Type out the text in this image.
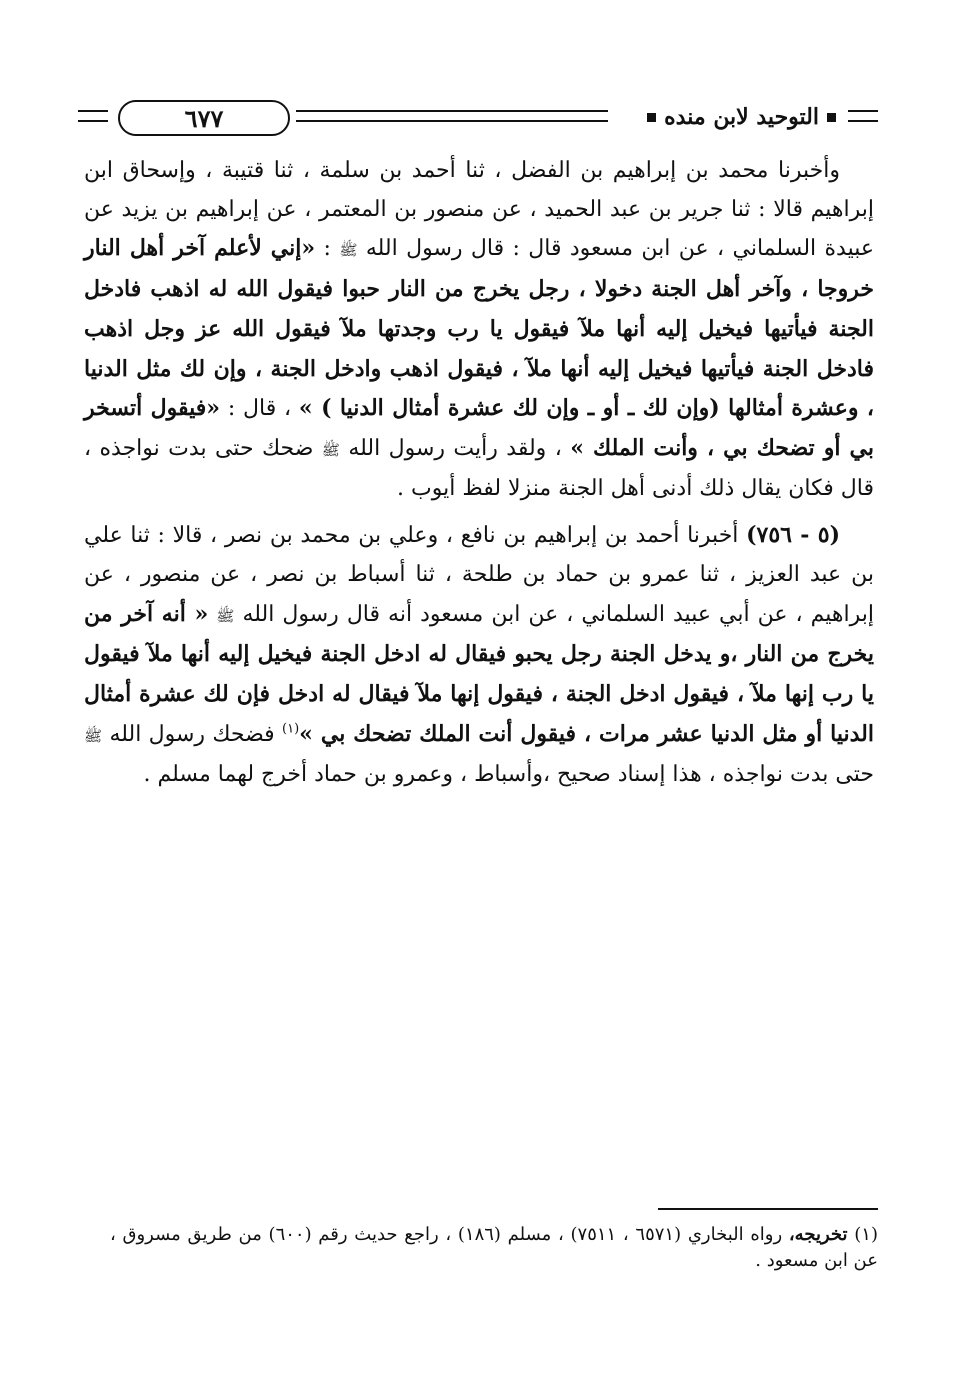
٦٧٧	التوحيد لابن منده

وأخبرنا محمد بن إبراهيم بن الفضل ، ثنا أحمد بن سلمة ، ثنا قتيبة ، وإسحاق ابن إبراهيم قالا : ثنا جرير بن عبد الحميد ، عن منصور بن المعتمر ، عن إبراهيم بن يزيد عن عبيدة السلماني ، عن ابن مسعود قال : قال رسول الله ﷺ : «إني لأعلم آخر أهل النار خروجا ، وآخر أهل الجنة دخولا ، رجل يخرج من النار حبوا فيقول الله له اذهب فادخل الجنة فيأتيها فيخيل إليه أنها ملآ فيقول يا رب وجدتها ملآ فيقول الله عز وجل اذهب فادخل الجنة فيأتيها فيخيل إليه أنها ملآ ، فيقول اذهب وادخل الجنة ، وإن لك مثل الدنيا ، وعشرة أمثالها (وإن لك ـ أو ـ وإن لك عشرة أمثال الدنيا ) » ، قال : «فيقول أتسخر بي أو تضحك بي ، وأنت الملك » ، ولقد رأيت رسول الله ﷺ ضحك حتى بدت نواجذه ، قال فكان يقال ذلك أدنى أهل الجنة منزلا لفظ أيوب .

(٥ - ٧٥٦) أخبرنا أحمد بن إبراهيم بن نافع ، وعلي بن محمد بن نصر ، قالا : ثنا علي بن عبد العزيز ، ثنا عمرو بن حماد بن طلحة ، ثنا أسباط بن نصر ، عن منصور ، عن إبراهيم ، عن أبي عبيد السلماني ، عن ابن مسعود أنه قال رسول الله ﷺ « أنه آخر من يخرج من النار ،و يدخل الجنة رجل يحبو فيقال له ادخل الجنة فيخيل إليه أنها ملآ فيقول يا رب إنها ملآ ، فيقول ادخل الجنة ، فيقول إنها ملآ فيقال له ادخل فإن لك عشرة أمثال الدنيا أو مثل الدنيا عشر مرات ، فيقول أنت الملك تضحك بي »$^{(١)}$ فضحك رسول الله ﷺ حتى بدت نواجذه ، هذا إسناد صحيح ،وأسباط ، وعمرو بن حماد أخرج لهما مسلم .

(١) تخريجه، رواه البخاري (٦٥٧١ ، ٧٥١١) ، مسلم (١٨٦) ، راجع حديث رقم (٦٠٠) من طريق مسروق ، عن ابن مسعود .
